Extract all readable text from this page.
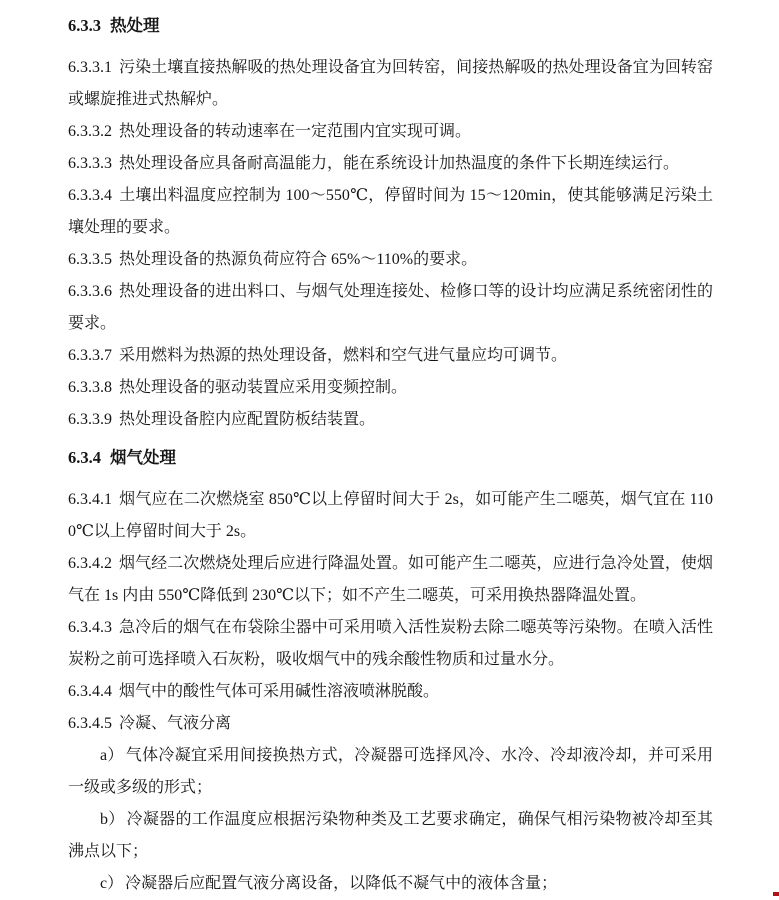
6.3.3 热处理

6.3.3.1 污染土壤直接热解吸的热处理设备宜为回转窑，间接热解吸的热处理设备宜为回转窑或螺旋推进式热解炉。

6.3.3.2 热处理设备的转动速率在一定范围内宜实现可调。

6.3.3.3 热处理设备应具备耐高温能力，能在系统设计加热温度的条件下长期连续运行。

6.3.3.4 土壤出料温度应控制为 100～550℃，停留时间为 15～120min，使其能够满足污染土壤处理的要求。

6.3.3.5 热处理设备的热源负荷应符合 65%～110%的要求。

6.3.3.6 热处理设备的进出料口、与烟气处理连接处、检修口等的设计均应满足系统密闭性的要求。

6.3.3.7 采用燃料为热源的热处理设备，燃料和空气进气量应均可调节。

6.3.3.8 热处理设备的驱动装置应采用变频控制。

6.3.3.9 热处理设备腔内应配置防板结装置。

6.3.4 烟气处理

6.3.4.1 烟气应在二次燃烧室 850℃以上停留时间大于 2s，如可能产生二噁英，烟气宜在 1100℃以上停留时间大于 2s。

6.3.4.2 烟气经二次燃烧处理后应进行降温处置。如可能产生二噁英，应进行急冷处置，使烟气在 1s 内由 550℃降低到 230℃以下；如不产生二噁英，可采用换热器降温处置。

6.3.4.3 急冷后的烟气在布袋除尘器中可采用喷入活性炭粉去除二噁英等污染物。在喷入活性炭粉之前可选择喷入石灰粉，吸收烟气中的残余酸性物质和过量水分。

6.3.4.4 烟气中的酸性气体可采用碱性溶液喷淋脱酸。

6.3.4.5 冷凝、气液分离

a） 气体冷凝宜采用间接换热方式，冷凝器可选择风冷、水冷、冷却液冷却，并可采用一级或多级的形式；

b） 冷凝器的工作温度应根据污染物种类及工艺要求确定，确保气相污染物被冷却至其沸点以下；

c） 冷凝器后应配置气液分离设备，以降低不凝气中的液体含量；
